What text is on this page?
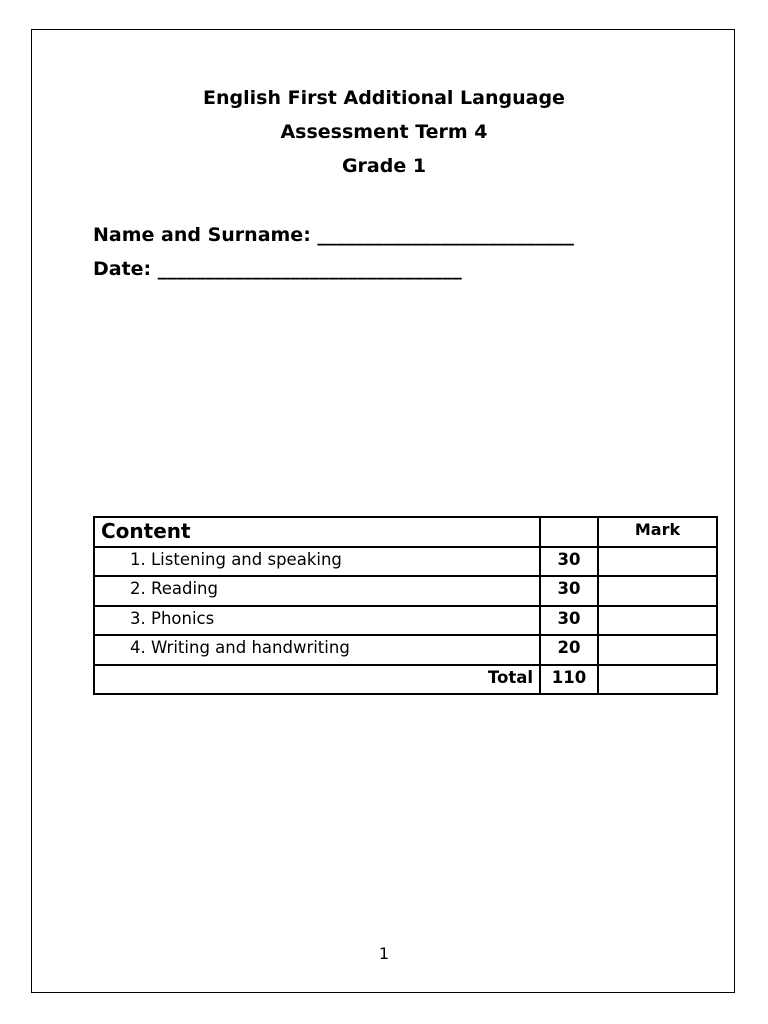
English First Additional Language
Assessment Term 4
Grade 1
Name and Surname: ___________________________
Date: ________________________________
Content		Mark

1. Listening and speaking	30	

2. Reading	30	

3. Phonics	30	

4. Writing and handwriting	20	

Total	110	

1
